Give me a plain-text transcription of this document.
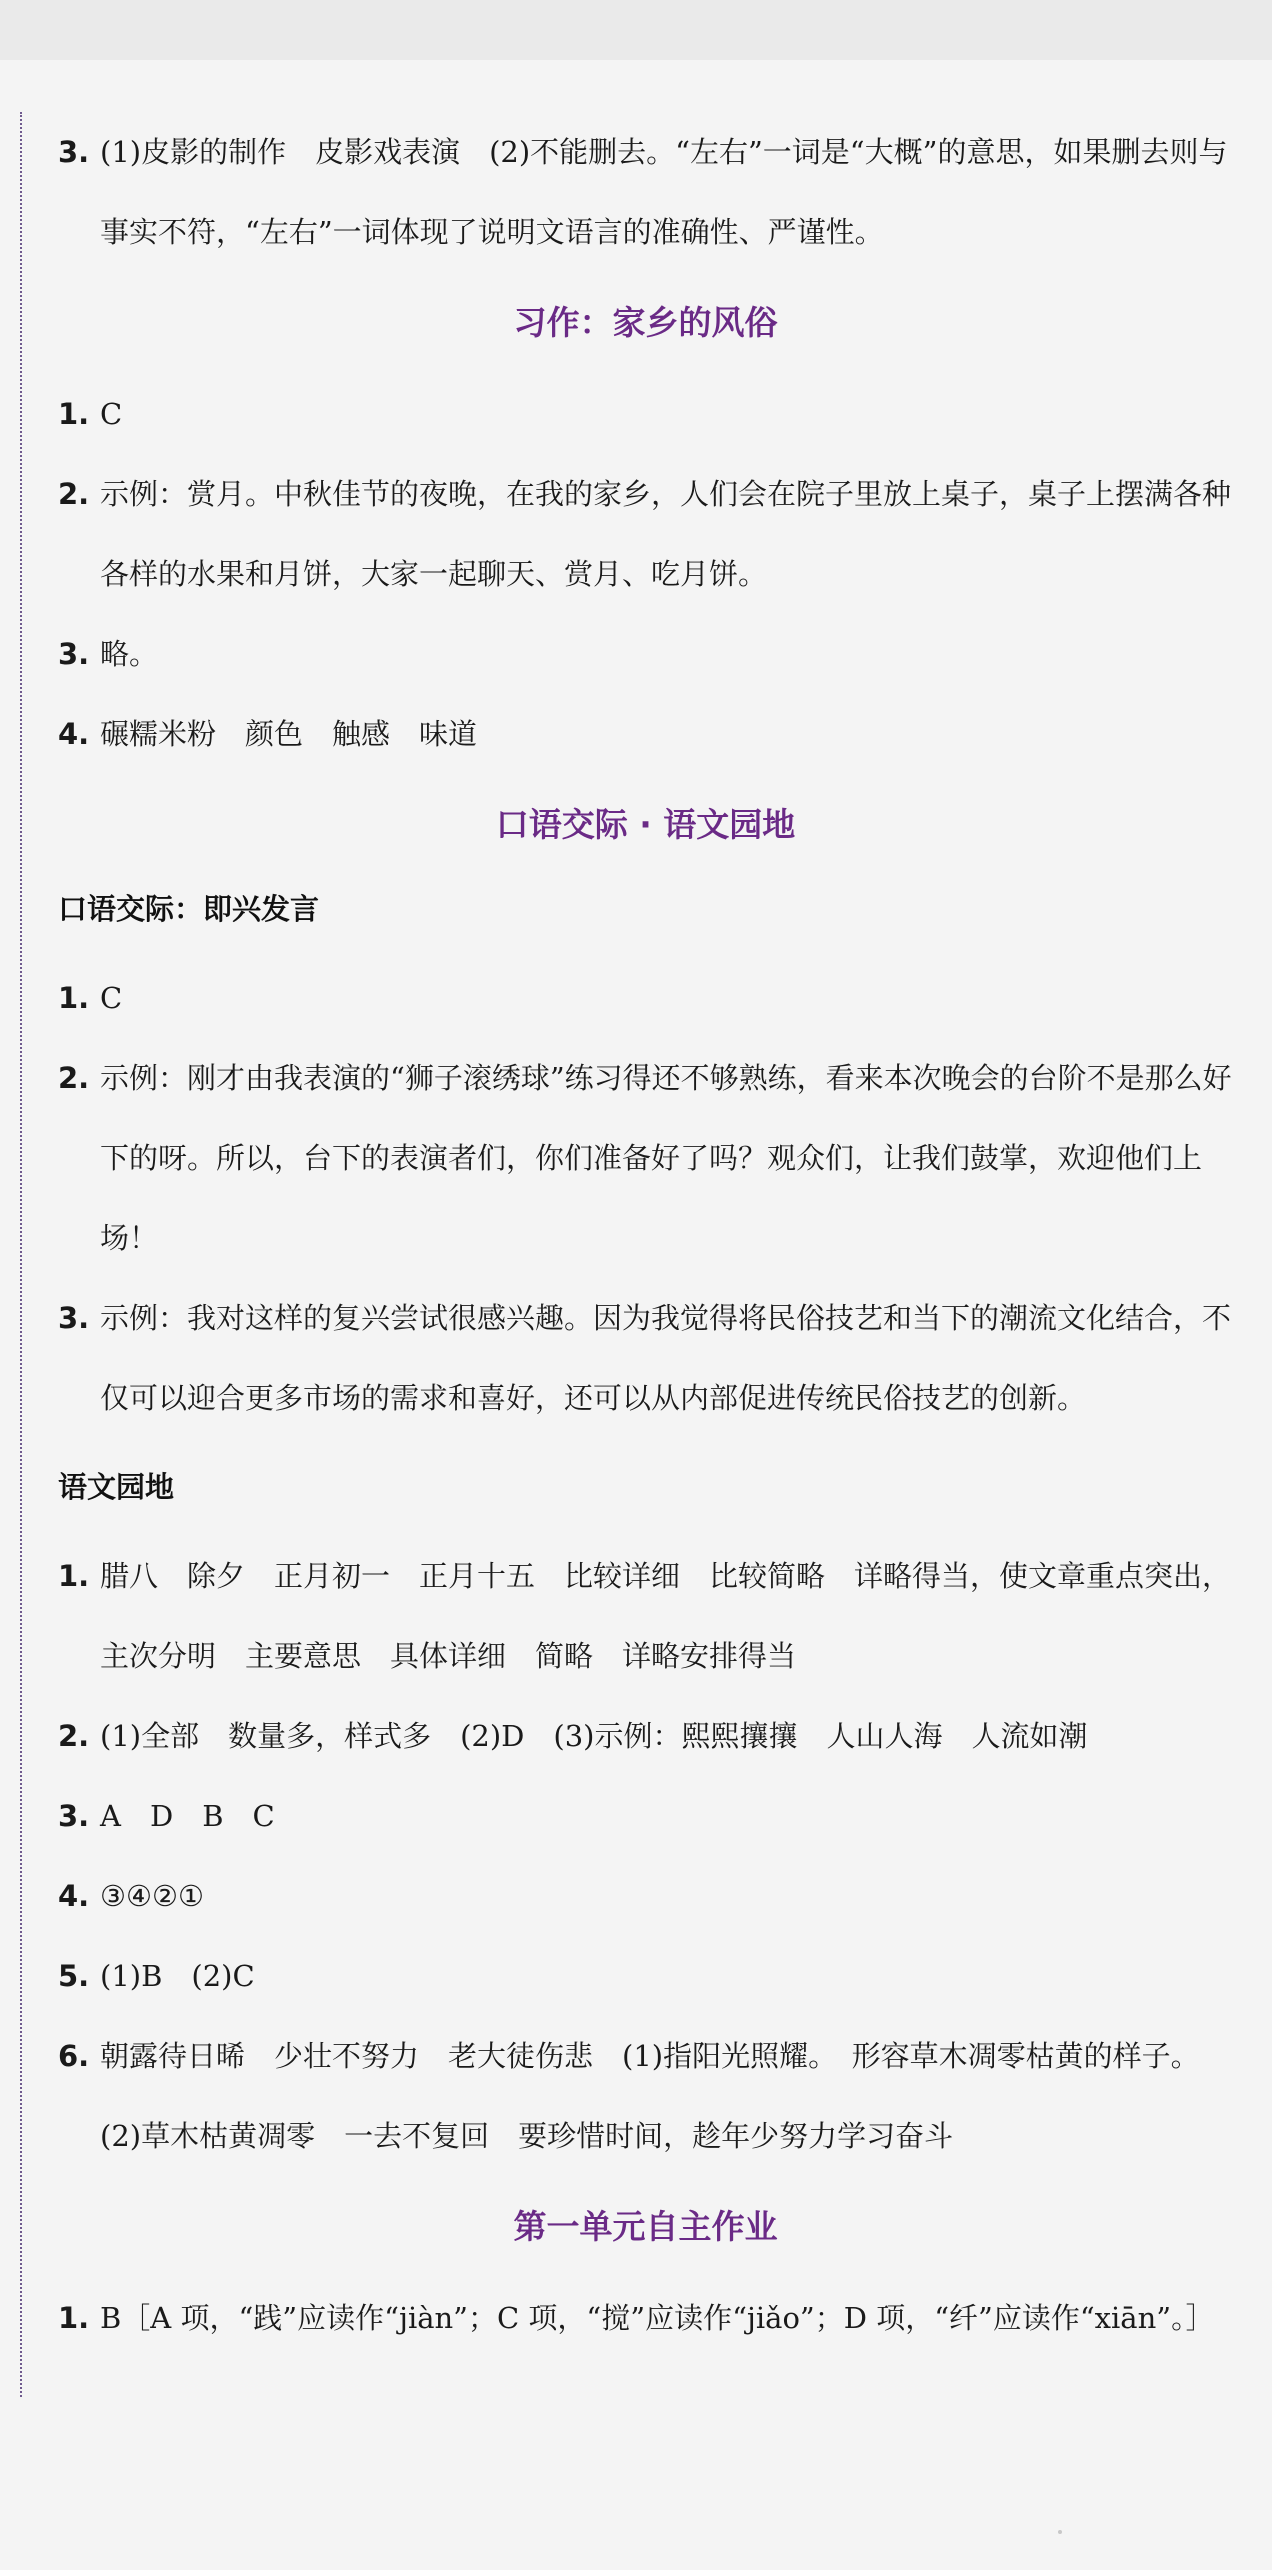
3. (1)皮影的制作　皮影戏表演　(2)不能删去。“左右”一词是“大概”的意思，如果删去则与事实不符，“左右”一词体现了说明文语言的准确性、严谨性。
习作：家乡的风俗
1. C
2. 示例：赏月。中秋佳节的夜晚，在我的家乡，人们会在院子里放上桌子，桌子上摆满各种各样的水果和月饼，大家一起聊天、赏月、吃月饼。
3. 略。
4. 碾糯米粉　颜色　触感　味道
口语交际 · 语文园地
口语交际：即兴发言
1. C
2. 示例：刚才由我表演的“狮子滚绣球”练习得还不够熟练，看来本次晚会的台阶不是那么好下的呀。所以，台下的表演者们，你们准备好了吗？观众们，让我们鼓掌，欢迎他们上场！
3. 示例：我对这样的复兴尝试很感兴趣。因为我觉得将民俗技艺和当下的潮流文化结合，不仅可以迎合更多市场的需求和喜好，还可以从内部促进传统民俗技艺的创新。
语文园地
1. 腊八　除夕　正月初一　正月十五　比较详细　比较简略　详略得当，使文章重点突出，主次分明　主要意思　具体详细　简略　详略安排得当
2. (1)全部　数量多，样式多　(2)D　(3)示例：熙熙攘攘　人山人海　人流如潮
3. A　D　B　C
4. ③④②①
5. (1)B　(2)C
6. 朝露待日晞　少壮不努力　老大徒伤悲　(1)指阳光照耀。　形容草木凋零枯黄的样子。　(2)草木枯黄凋零　一去不复回　要珍惜时间，趁年少努力学习奋斗
第一单元自主作业
1. B［A 项，“践”应读作“jiàn”；C 项，“搅”应读作“jiǎo”；D 项，“纤”应读作“xiān”。］
